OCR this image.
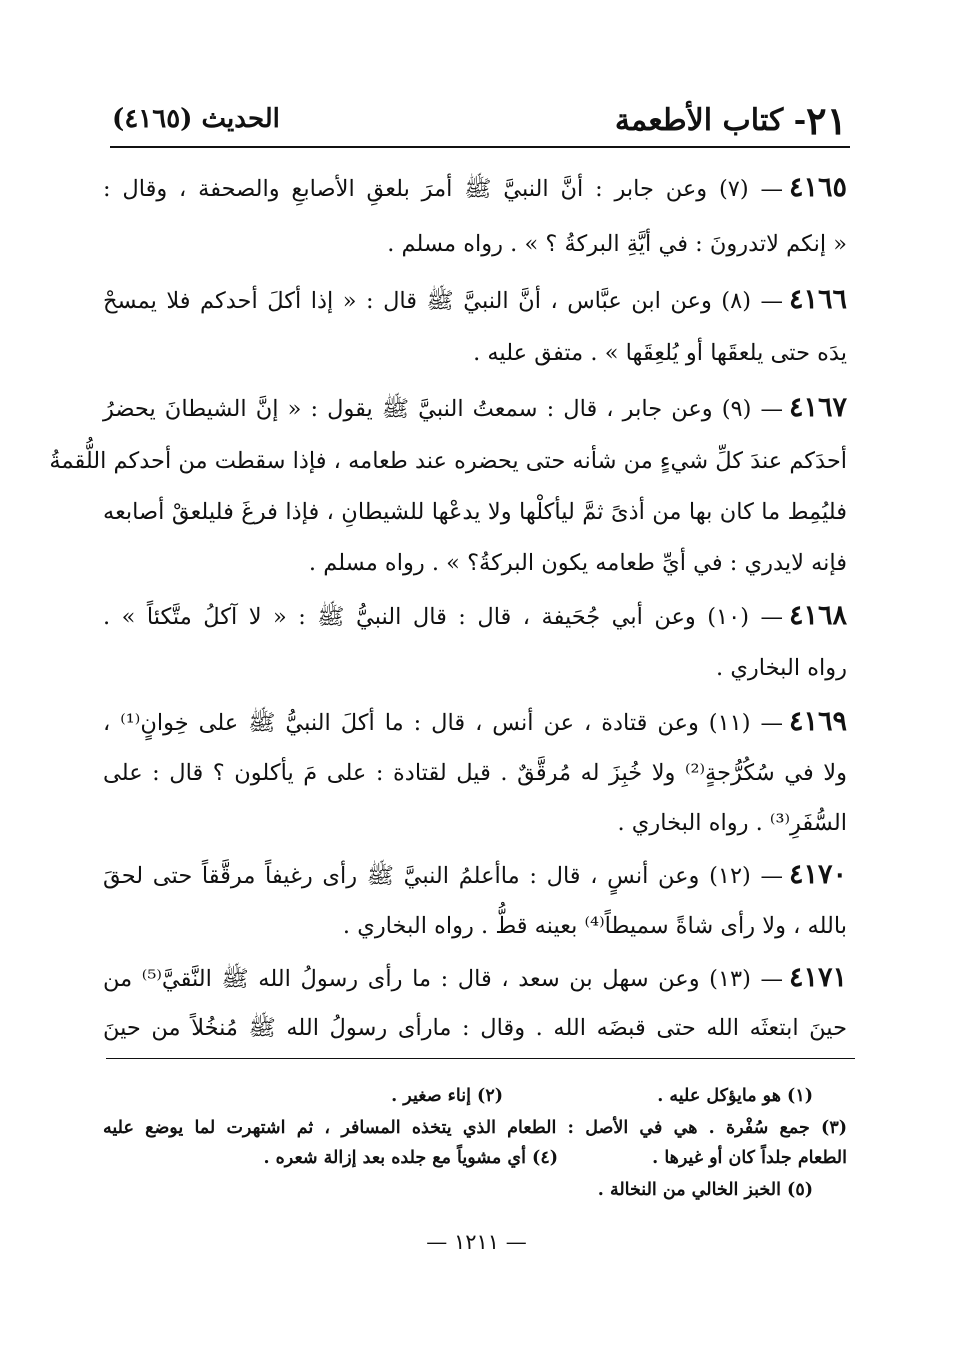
٢١- كتاب الأطعمة
الحديث (٤١٦٥)
٤١٦٥— (٧) وعن جابر : أنَّ النبيَّ ﷺ أمرَ بلعقِ الأصابعِ والصحفة ، وقال :
« إنكم لاتدرونَ : في أيَّةِ البركةُ ؟ » . رواه مسلم .
٤١٦٦— (٨) وعن ابن عبَّاس ، أنَّ النبيَّ ﷺ قال : « إذا أكلَ أحدكم فلا يمسحْ
يدَه حتى يلعقَها أو يُلعِقَها » . متفق عليه .
٤١٦٧— (٩) وعن جابر ، قال : سمعتُ النبيَّ ﷺ يقول : « إنَّ الشيطانَ يحضرُ
أحدَكم عندَ كلِّ شيءٍ من شأنه حتى يحضره عند طعامه ، فإذا سقطت من أحدكم اللُّقمةُ
فليُمِط ما كان بها من أذىً ثمَّ ليأكلْها ولا يدعْها للشيطانِ ، فإذا فرغَ فليلعقْ أصابعه
فإنه لايدري : في أيِّ طعامه يكون البركةُ؟ » . رواه مسلم .
٤١٦٨— (١٠) وعن أبي جُحَيفة ، قال : قال النبيُّ ﷺ : « لا آكلُ متَّكئاً » .
رواه البخاري .
٤١٦٩— (١١) وعن قتادة ، عن أنس ، قال : ما أكلَ النبيُّ ﷺ على خِوانٍ⁽¹⁾ ،
ولا في سُكُرُّجةٍ⁽²⁾ ولا خُبِزَ له مُرقَّقٌ . قيل لقتادة : على مَ يأكلون ؟ قال : على
السُّفَرِ⁽³⁾ . رواه البخاري .
٤١٧٠— (١٢) وعن أنسٍ ، قال : ماأعلمُ النبيَّ ﷺ رأى رغيفاً مرقَّقاً حتى لحقَ
بالله ، ولا رأى شاةً سميطاً⁽⁴⁾ بعينه قطُّ . رواه البخاري .
٤١٧١— (١٣) وعن سهل بن سعد ، قال : ما رأى رسولُ الله ﷺ النَّقيَّ⁽⁵⁾ من
حينَ ابتعثَه الله حتى قبضَه الله . وقال : مارأى رسولُ الله ﷺ مُنخُلاً من حينَ
(١) هو مايؤكل عليه .
(٢) إناء صغير .
(٣) جمع سُفْرة . هي في الأصل : الطعام الذي يتخذه المسافر ، ثم اشتهرت لما يوضع عليه
الطعام جلداً كان أو غيرها .
(٤) أي مشوياً مع جلده بعد إزالة شعره .
(٥) الخبز الخالي من النخالة .
— ١٢١١ —
